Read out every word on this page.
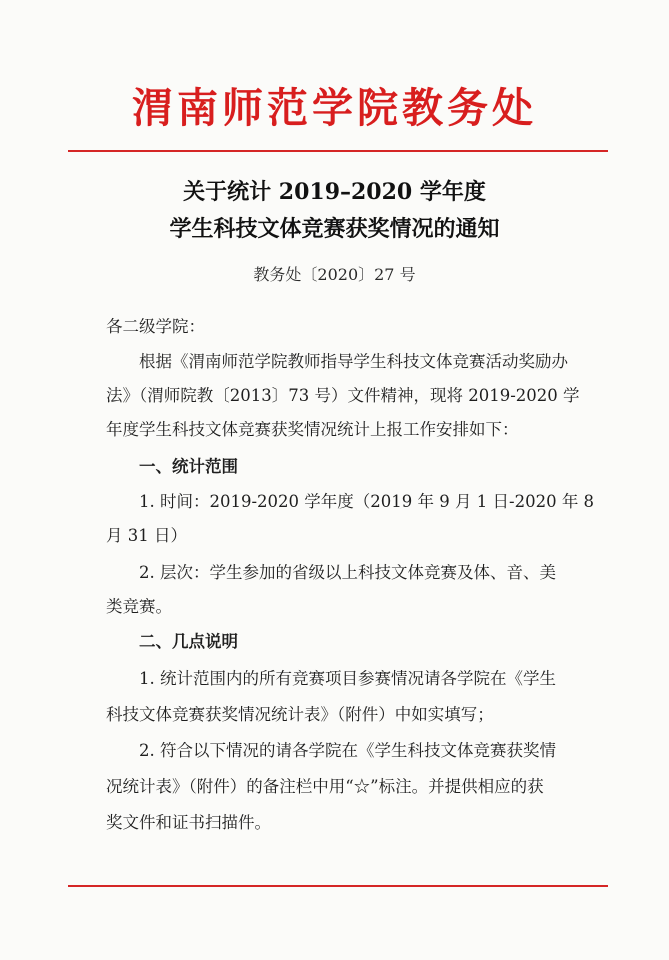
渭南师范学院教务处
关于统计 2019–2020 学年度
学生科技文体竞赛获奖情况的通知
教务处〔2020〕27 号
各二级学院：
根据《渭南师范学院教师指导学生科技文体竞赛活动奖励办
法》（渭师院教〔2013〕73 号）文件精神，现将 2019-2020 学
年度学生科技文体竞赛获奖情况统计上报工作安排如下：
一、统计范围
1. 时间：2019-2020 学年度（2019 年 9 月 1 日-2020 年 8
月 31 日）
2. 层次：学生参加的省级以上科技文体竞赛及体、音、美
类竞赛。
二、几点说明
1. 统计范围内的所有竞赛项目参赛情况请各学院在《学生
科技文体竞赛获奖情况统计表》（附件）中如实填写；
2. 符合以下情况的请各学院在《学生科技文体竞赛获奖情
况统计表》（附件）的备注栏中用“☆”标注。并提供相应的获
奖文件和证书扫描件。
